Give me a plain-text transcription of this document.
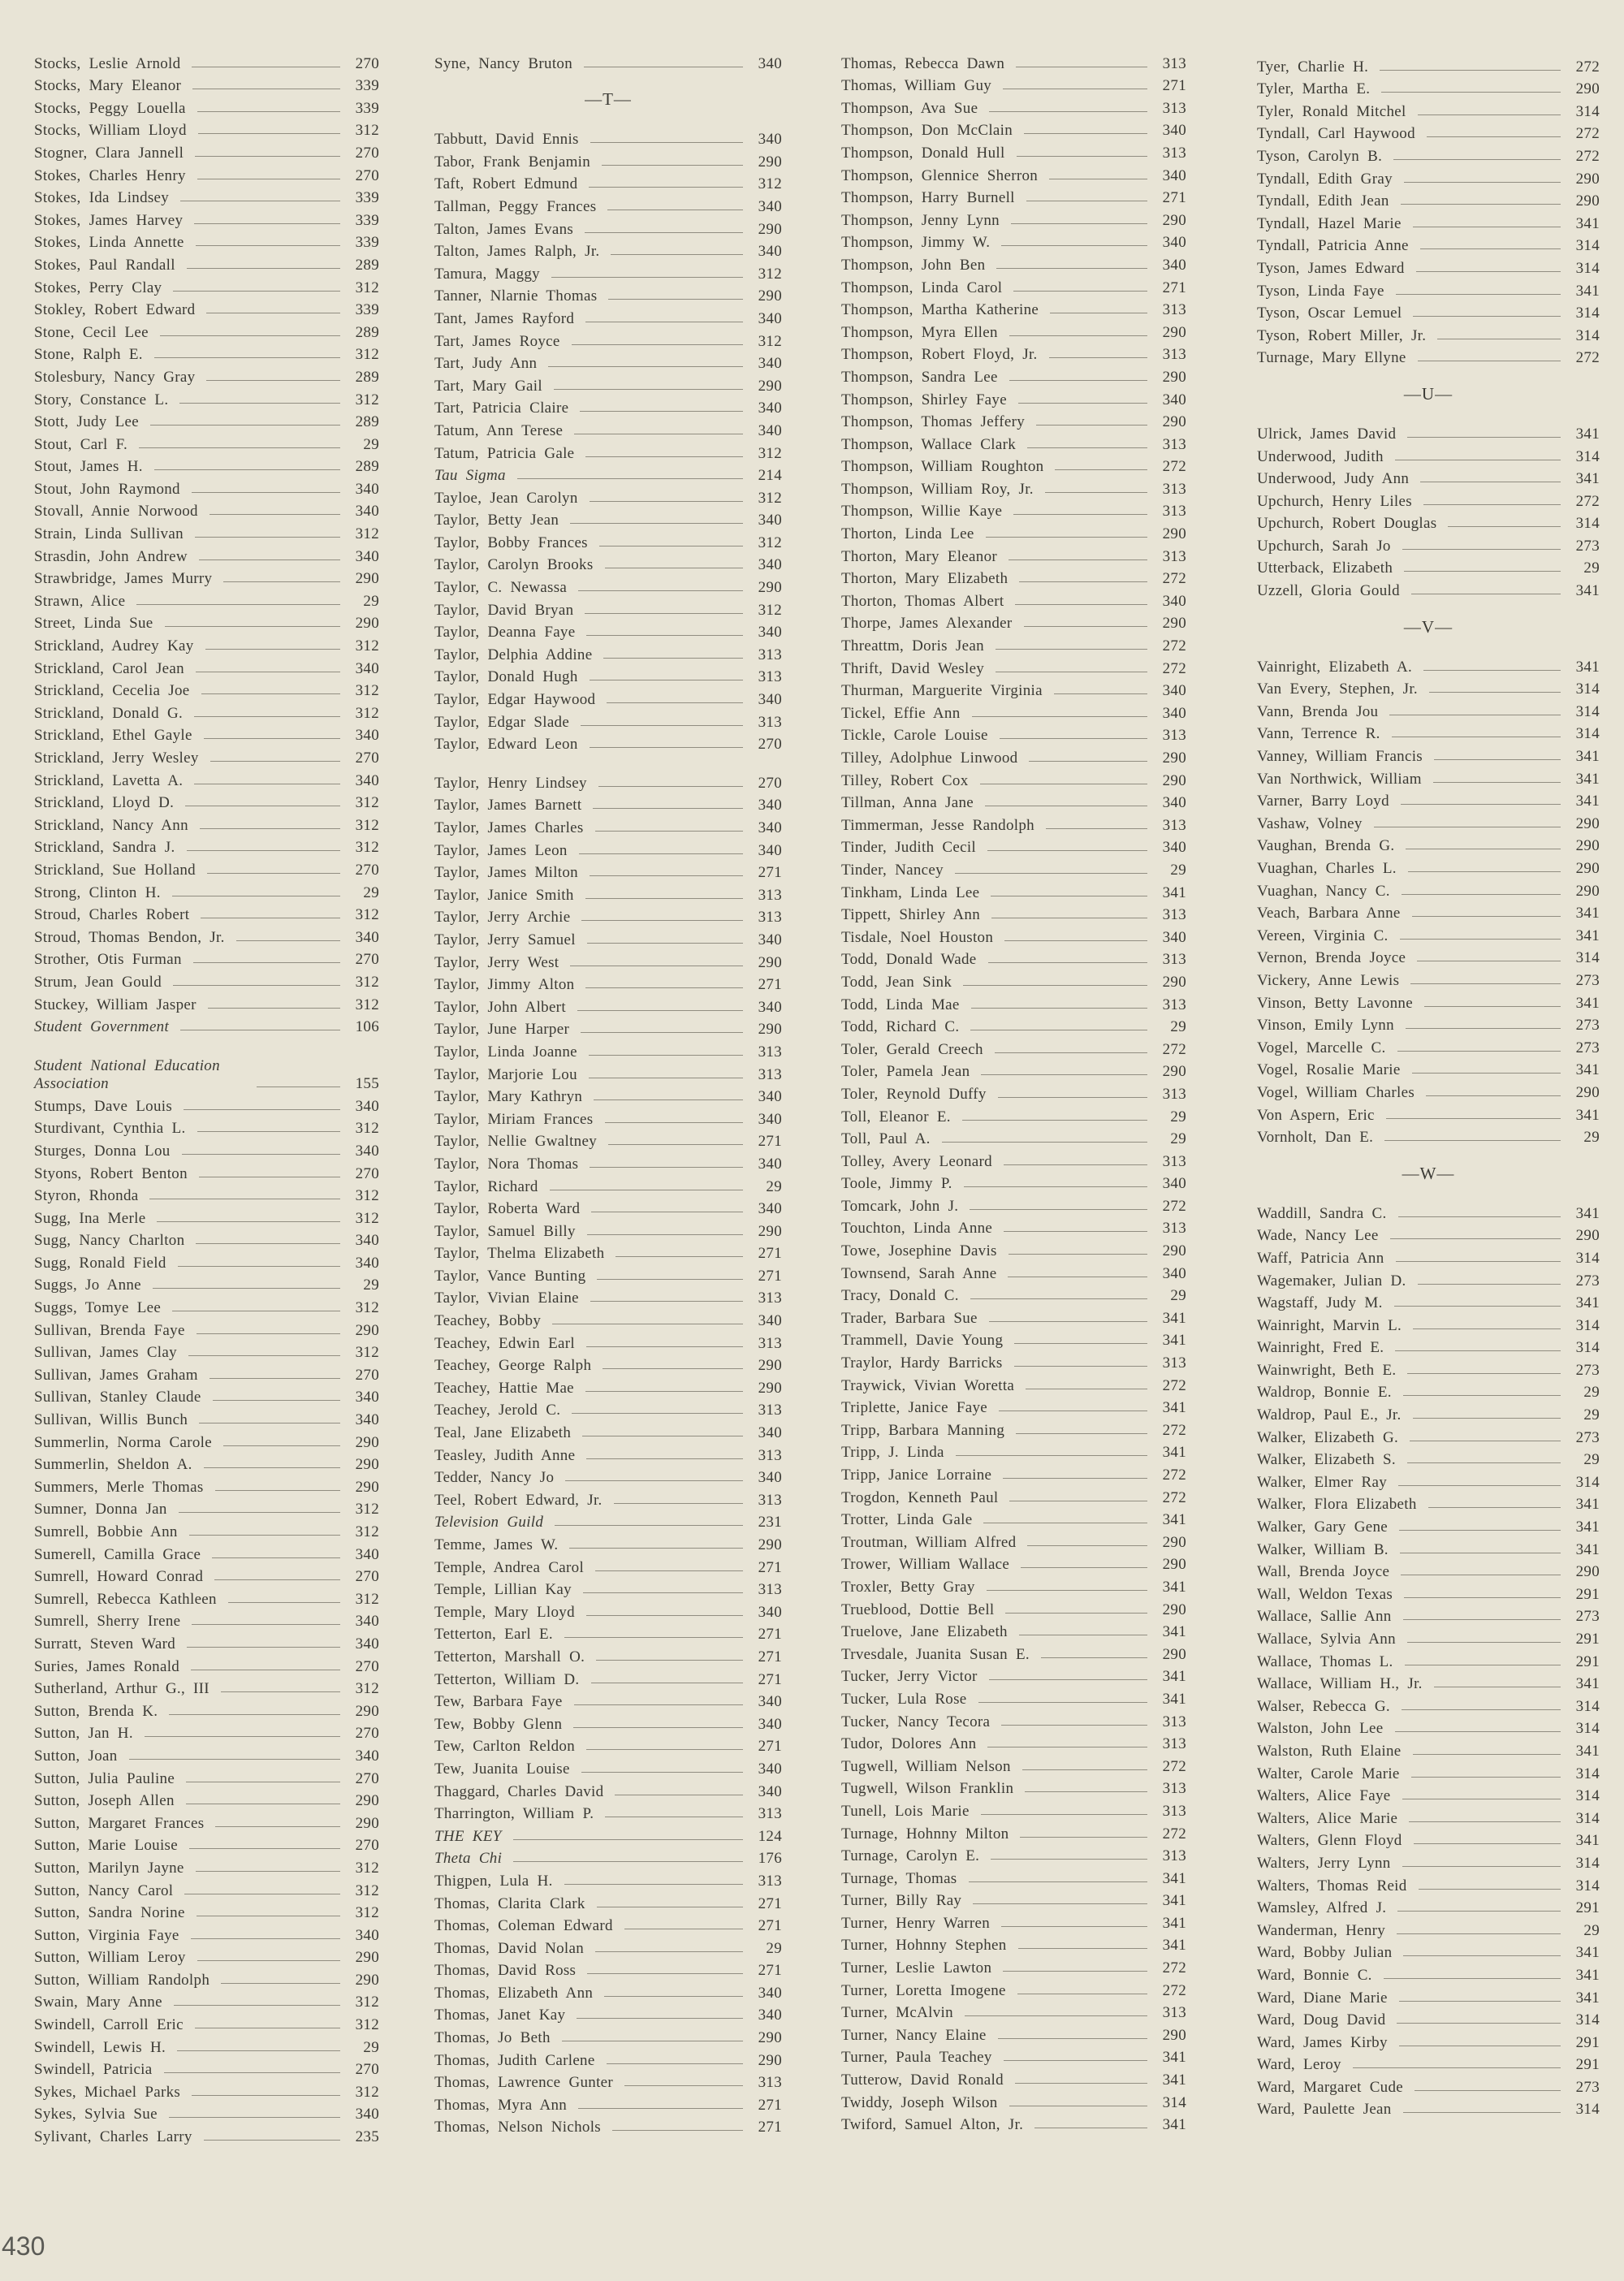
Stocks, Leslie Arnold	270
Stocks, Mary Eleanor	339
Stocks, Peggy Louella	339
Stocks, William Lloyd	312
Stogner, Clara Jannell	270
Stokes, Charles Henry	270
Stokes, Ida Lindsey	339
Stokes, James Harvey	339
Stokes, Linda Annette	339
Stokes, Paul Randall	289
Stokes, Perry Clay	312
Stokley, Robert Edward	339
Stone, Cecil Lee	289
Stone, Ralph E.	312
Stolesbury, Nancy Gray	289
Story, Constance L.	312
Stott, Judy Lee	289
Stout, Carl F.	29
Stout, James H.	289
Stout, John Raymond	340
Stovall, Annie Norwood	340
Strain, Linda Sullivan	312
Strasdin, John Andrew	340
Strawbridge, James Murry	290
Strawn, Alice	29
Street, Linda Sue	290
Strickland, Audrey Kay	312
Strickland, Carol Jean	340
Strickland, Cecelia Joe	312
Strickland, Donald G.	312
Strickland, Ethel Gayle	340
Strickland, Jerry Wesley	270
Strickland, Lavetta A.	340
Strickland, Lloyd D.	312
Strickland, Nancy Ann	312
Strickland, Sandra J.	312
Strickland, Sue Holland	270
Strong, Clinton H.	29
Stroud, Charles Robert	312
Stroud, Thomas Bendon, Jr.	340
Strother, Otis Furman	270
Strum, Jean Gould	312
Stuckey, William Jasper	312
Student Government	106
Student National Education Association	155
Stumps, Dave Louis	340
Sturdivant, Cynthia L.	312
Sturges, Donna Lou	340
Styons, Robert Benton	270
Styron, Rhonda	312
Sugg, Ina Merle	312
Sugg, Nancy Charlton	340
Sugg, Ronald Field	340
Suggs, Jo Anne	29
Suggs, Tomye Lee	312
Sullivan, Brenda Faye	290
Sullivan, James Clay	312
Sullivan, James Graham	270
Sullivan, Stanley Claude	340
Sullivan, Willis Bunch	340
Summerlin, Norma Carole	290
Summerlin, Sheldon A.	290
Summers, Merle Thomas	290
Sumner, Donna Jan	312
Sumrell, Bobbie Ann	312
Sumerell, Camilla Grace	340
Sumrell, Howard Conrad	270
Sumrell, Rebecca Kathleen	312
Sumrell, Sherry Irene	340
Surratt, Steven Ward	340
Suries, James Ronald	270
Sutherland, Arthur G., III	312
Sutton, Brenda K.	290
Sutton, Jan H.	270
Sutton, Joan	340
Sutton, Julia Pauline	270
Sutton, Joseph Allen	290
Sutton, Margaret Frances	290
Sutton, Marie Louise	270
Sutton, Marilyn Jayne	312
Sutton, Nancy Carol	312
Sutton, Sandra Norine	312
Sutton, Virginia Faye	340
Sutton, William Leroy	290
Sutton, William Randolph	290
Swain, Mary Anne	312
Swindell, Carroll Eric	312
Swindell, Lewis H.	29
Swindell, Patricia	270
Sykes, Michael Parks	312
Sykes, Sylvia Sue	340
Sylivant, Charles Larry	235
Syne, Nancy Bruton	340
—T—
Tabbutt, David Ennis	340
Tabor, Frank Benjamin	290
Taft, Robert Edmund	312
Tallman, Peggy Frances	340
Talton, James Evans	290
Talton, James Ralph, Jr.	340
Tamura, Maggy	312
Tanner, Nlarnie Thomas	290
Tant, James Rayford	340
Tart, James Royce	312
Tart, Judy Ann	340
Tart, Mary Gail	290
Tart, Patricia Claire	340
Tatum, Ann Terese	340
Tatum, Patricia Gale	312
Tau Sigma	214
Tayloe, Jean Carolyn	312
Taylor, Betty Jean	340
Taylor, Bobby Frances	312
Taylor, Carolyn Brooks	340
Taylor, C. Newassa	290
Taylor, David Bryan	312
Taylor, Deanna Faye	340
Taylor, Delphia Addine	313
Taylor, Donald Hugh	313
Taylor, Edgar Haywood	340
Taylor, Edgar Slade	313
Taylor, Edward Leon	270
Taylor, Henry Lindsey	270
Taylor, James Barnett	340
Taylor, James Charles	340
Taylor, James Leon	340
Taylor, James Milton	271
Taylor, Janice Smith	313
Taylor, Jerry Archie	313
Taylor, Jerry Samuel	340
Taylor, Jerry West	290
Taylor, Jimmy Alton	271
Taylor, John Albert	340
Taylor, June Harper	290
Taylor, Linda Joanne	313
Taylor, Marjorie Lou	313
Taylor, Mary Kathryn	340
Taylor, Miriam Frances	340
Taylor, Nellie Gwaltney	271
Taylor, Nora Thomas	340
Taylor, Richard	29
Taylor, Roberta Ward	340
Taylor, Samuel Billy	290
Taylor, Thelma Elizabeth	271
Taylor, Vance Bunting	271
Taylor, Vivian Elaine	313
Teachey, Bobby	340
Teachey, Edwin Earl	313
Teachey, George Ralph	290
Teachey, Hattie Mae	290
Teachey, Jerold C.	313
Teal, Jane Elizabeth	340
Teasley, Judith Anne	313
Tedder, Nancy Jo	340
Teel, Robert Edward, Jr.	313
Television Guild	231
Temme, James W.	290
Temple, Andrea Carol	271
Temple, Lillian Kay	313
Temple, Mary Lloyd	340
Tetterton, Earl E.	271
Tetterton, Marshall O.	271
Tetterton, William D.	271
Tew, Barbara Faye	340
Tew, Bobby Glenn	340
Tew, Carlton Reldon	271
Tew, Juanita Louise	340
Thaggard, Charles David	340
Tharrington, William P.	313
THE KEY	124
Theta Chi	176
Thigpen, Lula H.	313
Thomas, Clarita Clark	271
Thomas, Coleman Edward	271
Thomas, David Nolan	29
Thomas, David Ross	271
Thomas, Elizabeth Ann	340
Thomas, Janet Kay	340
Thomas, Jo Beth	290
Thomas, Judith Carlene	290
Thomas, Lawrence Gunter	313
Thomas, Myra Ann	271
Thomas, Nelson Nichols	271
Thomas, Rebecca Dawn	313
Thomas, William Guy	271
Thompson, Ava Sue	313
Thompson, Don McClain	340
Thompson, Donald Hull	313
Thompson, Glennice Sherron	340
Thompson, Harry Burnell	271
Thompson, Jenny Lynn	290
Thompson, Jimmy W.	340
Thompson, John Ben	340
Thompson, Linda Carol	271
Thompson, Martha Katherine	313
Thompson, Myra Ellen	290
Thompson, Robert Floyd, Jr.	313
Thompson, Sandra Lee	290
Thompson, Shirley Faye	340
Thompson, Thomas Jeffery	290
Thompson, Wallace Clark	313
Thompson, William Roughton	272
Thompson, William Roy, Jr.	313
Thompson, Willie Kaye	313
Thorton, Linda Lee	290
Thorton, Mary Eleanor	313
Thorton, Mary Elizabeth	272
Thorton, Thomas Albert	340
Thorpe, James Alexander	290
Threattm, Doris Jean	272
Thrift, David Wesley	272
Thurman, Marguerite Virginia	340
Tickel, Effie Ann	340
Tickle, Carole Louise	313
Tilley, Adolphue Linwood	290
Tilley, Robert Cox	290
Tillman, Anna Jane	340
Timmerman, Jesse Randolph	313
Tinder, Judith Cecil	340
Tinder, Nancey	29
Tinkham, Linda Lee	341
Tippett, Shirley Ann	313
Tisdale, Noel Houston	340
Todd, Donald Wade	313
Todd, Jean Sink	290
Todd, Linda Mae	313
Todd, Richard C.	29
Toler, Gerald Creech	272
Toler, Pamela Jean	290
Toler, Reynold Duffy	313
Toll, Eleanor E.	29
Toll, Paul A.	29
Tolley, Avery Leonard	313
Toole, Jimmy P.	340
Tomcark, John J.	272
Touchton, Linda Anne	313
Towe, Josephine Davis	290
Townsend, Sarah Anne	340
Tracy, Donald C.	29
Trader, Barbara Sue	341
Trammell, Davie Young	341
Traylor, Hardy Barricks	313
Traywick, Vivian Woretta	272
Triplette, Janice Faye	341
Tripp, Barbara Manning	272
Tripp, J. Linda	341
Tripp, Janice Lorraine	272
Trogdon, Kenneth Paul	272
Trotter, Linda Gale	341
Troutman, William Alfred	290
Trower, William Wallace	290
Troxler, Betty Gray	341
Trueblood, Dottie Bell	290
Truelove, Jane Elizabeth	341
Trvesdale, Juanita Susan E.	290
Tucker, Jerry Victor	341
Tucker, Lula Rose	341
Tucker, Nancy Tecora	313
Tudor, Dolores Ann	313
Tugwell, William Nelson	272
Tugwell, Wilson Franklin	313
Tunell, Lois Marie	313
Turnage, Hohnny Milton	272
Turnage, Carolyn E.	313
Turnage, Thomas	341
Turner, Billy Ray	341
Turner, Henry Warren	341
Turner, Hohnny Stephen	341
Turner, Leslie Lawton	272
Turner, Loretta Imogene	272
Turner, McAlvin	313
Turner, Nancy Elaine	290
Turner, Paula Teachey	341
Tutterow, David Ronald	341
Twiddy, Joseph Wilson	314
Twiford, Samuel Alton, Jr.	341
Tyer, Charlie H.	272
Tyler, Martha E.	290
Tyler, Ronald Mitchel	314
Tyndall, Carl Haywood	272
Tyson, Carolyn B.	272
Tyndall, Edith Gray	290
Tyndall, Edith Jean	290
Tyndall, Hazel Marie	341
Tyndall, Patricia Anne	314
Tyson, James Edward	314
Tyson, Linda Faye	341
Tyson, Oscar Lemuel	314
Tyson, Robert Miller, Jr.	314
Turnage, Mary Ellyne	272
—U—
Ulrick, James David	341
Underwood, Judith	314
Underwood, Judy Ann	341
Upchurch, Henry Liles	272
Upchurch, Robert Douglas	314
Upchurch, Sarah Jo	273
Utterback, Elizabeth	29
Uzzell, Gloria Gould	341
—V—
Vainright, Elizabeth A.	341
Van Every, Stephen, Jr.	314
Vann, Brenda Jou	314
Vann, Terrence R.	314
Vanney, William Francis	341
Van Northwick, William	341
Varner, Barry Loyd	341
Vashaw, Volney	290
Vaughan, Brenda G.	290
Vuaghan, Charles L.	290
Vuaghan, Nancy C.	290
Veach, Barbara Anne	341
Vereen, Virginia C.	341
Vernon, Brenda Joyce	314
Vickery, Anne Lewis	273
Vinson, Betty Lavonne	341
Vinson, Emily Lynn	273
Vogel, Marcelle C.	273
Vogel, Rosalie Marie	341
Vogel, William Charles	290
Von Aspern, Eric	341
Vornholt, Dan E.	29
—W—
Waddill, Sandra C.	341
Wade, Nancy Lee	290
Waff, Patricia Ann	314
Wagemaker, Julian D.	273
Wagstaff, Judy M.	341
Wainright, Marvin L.	314
Wainright, Fred E.	314
Wainwright, Beth E.	273
Waldrop, Bonnie E.	29
Waldrop, Paul E., Jr.	29
Walker, Elizabeth G.	273
Walker, Elizabeth S.	29
Walker, Elmer Ray	314
Walker, Flora Elizabeth	341
Walker, Gary Gene	341
Walker, William B.	341
Wall, Brenda Joyce	290
Wall, Weldon Texas	291
Wallace, Sallie Ann	273
Wallace, Sylvia Ann	291
Wallace, Thomas L.	291
Wallace, William H., Jr.	341
Walser, Rebecca G.	314
Walston, John Lee	314
Walston, Ruth Elaine	341
Walter, Carole Marie	314
Walters, Alice Faye	314
Walters, Alice Marie	314
Walters, Glenn Floyd	341
Walters, Jerry Lynn	314
Walters, Thomas Reid	314
Wamsley, Alfred J.	291
Wanderman, Henry	29
Ward, Bobby Julian	341
Ward, Bonnie C.	341
Ward, Diane Marie	341
Ward, Doug David	314
Ward, James Kirby	291
Ward, Leroy	291
Ward, Margaret Cude	273
Ward, Paulette Jean	314
430
